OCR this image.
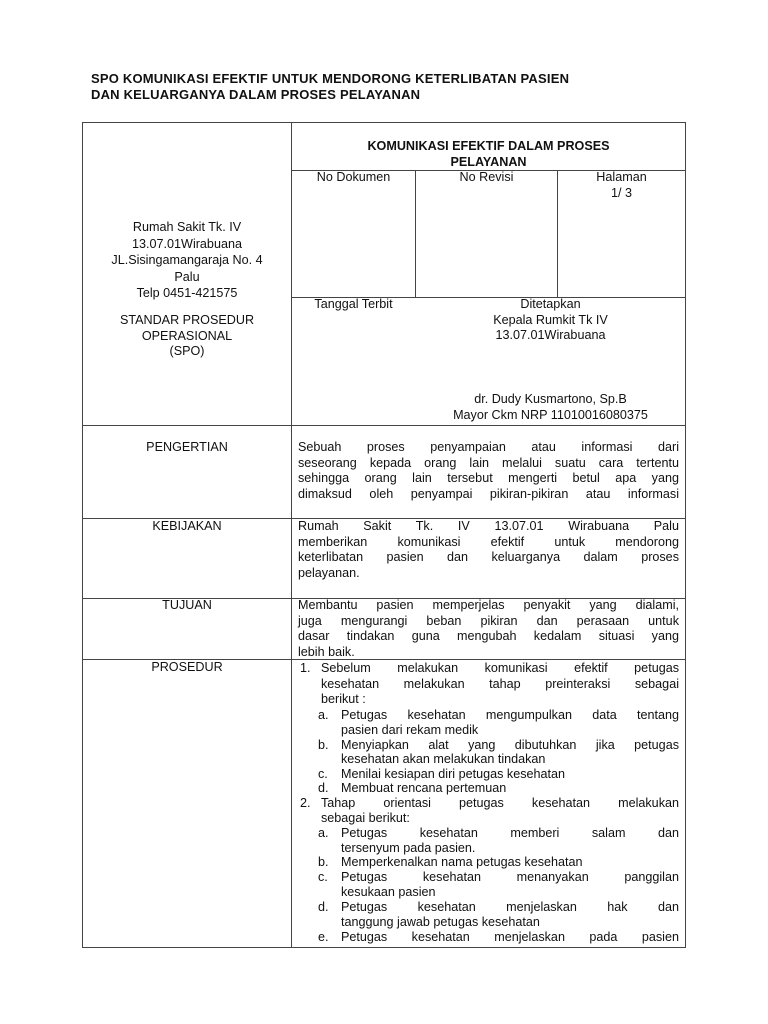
SPO KOMUNIKASI EFEKTIF UNTUK MENDORONG KETERLIBATAN PASIEN
DAN KELUARGANYA DALAM PROSES PELAYANAN
KOMUNIKASI EFEKTIF DALAM PROSES
PELAYANAN
No Dokumen	No Revisi	Halaman
1/ 3
Rumah Sakit Tk. IV
13.07.01Wirabuana
JL.Sisingamangaraja No. 4
Palu
Telp 0451-421575
STANDAR PROSEDUR
OPERASIONAL
(SPO)
Tanggal Terbit	Ditetapkan
Kepala Rumkit Tk IV
13.07.01Wirabuana
dr. Dudy Kusmartono, Sp.B
Mayor Ckm NRP 11010016080375
PENGERTIAN	Sebuah proses penyampaian atau informasi dari
seseorang kepada orang lain melalui suatu cara tertentu
sehingga orang lain tersebut mengerti betul apa yang
dimaksud oleh penyampai pikiran-pikiran atau informasi
KEBIJAKAN	Rumah Sakit Tk. IV 13.07.01 Wirabuana Palu
memberikan komunikasi efektif untuk mendorong
keterlibatan pasien dan keluarganya dalam proses
pelayanan.
TUJUAN	Membantu pasien memperjelas penyakit yang dialami,
juga mengurangi beban pikiran dan perasaan untuk
dasar tindakan guna mengubah kedalam situasi yang
lebih baik.
PROSEDUR	1. Sebelum melakukan komunikasi efektif petugas
kesehatan melakukan tahap preinteraksi sebagai
berikut :
a. Petugas kesehatan mengumpulkan data tentang
pasien dari rekam medik
b. Menyiapkan alat yang dibutuhkan jika petugas
kesehatan akan melakukan tindakan
c. Menilai kesiapan diri petugas kesehatan
d. Membuat rencana pertemuan
2. Tahap orientasi petugas kesehatan melakukan
sebagai berikut:
a. Petugas kesehatan memberi salam dan
tersenyum pada pasien.
b. Memperkenalkan nama petugas kesehatan
c. Petugas kesehatan menanyakan panggilan
kesukaan pasien
d. Petugas kesehatan menjelaskan hak dan
tanggung jawab petugas kesehatan
e. Petugas kesehatan menjelaskan pada pasien
